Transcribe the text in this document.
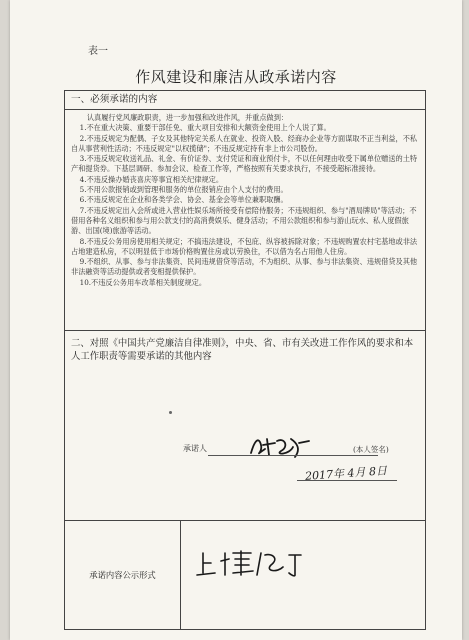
表一
作风建设和廉洁从政承诺内容
一、必须承诺的内容

认真履行党风廉政职责，进一步加强和改进作风，并重点做到：

1.不在重大决策、重要干部任免、重大项目安排和大额资金使用上个人说了算。

2.不违反规定为配偶、子女及其他特定关系人在就业、投资入股、经商办企业等方面谋取不正当利益，不私自从事营利性活动；不违反规定"以权揽储"；不违反规定持有非上市公司股份。

3.不违反规定收送礼品、礼金、有价证券、支付凭证和商业预付卡，不以任何理由收受下属单位赠送的土特产和提货券。下基层调研、参加会议、检查工作等，严格按照有关要求执行，不接受超标准接待。

4.不违反操办婚丧喜庆等事宜相关纪律规定。

5.不用公款报销或到管理和服务的单位报销应由个人支付的费用。

6.不违反规定在企业和各类学会、协会、基金会等单位兼职取酬。

7.不违反规定出入会所或进入营业性娱乐场所接受有偿陪侍服务；不违规组织、参与"酒局牌局"等活动；不借用各种名义组织和参与用公款支付的高消费娱乐、健身活动；不用公款组织和参与游山玩水、私人度假旅游、出国(境)旅游等活动。

8.不违反公务用房使用相关规定；不搞违法建设，不包庇、纵容被拆除对象；不违规购置农村宅基地或非法占地建造私房，不以明显低于市场价格购置住房或以劳换住，不以借为名占用他人住房。

9.不组织、从事、参与非法集资、民间违规借贷等活动，不为组织、从事、参与非法集资、违规借贷及其他非法融资等活动提供或者变相提供保护。

10.不违反公务用车改革相关制度规定。

二、对照《中国共产党廉洁自律准则》，中央、省、市有关改进工作作风的要求和本人工作职责等需要承诺的其他内容
承诺人	(本人签名)
2017年 4月 8日
承诺内容公示形式
